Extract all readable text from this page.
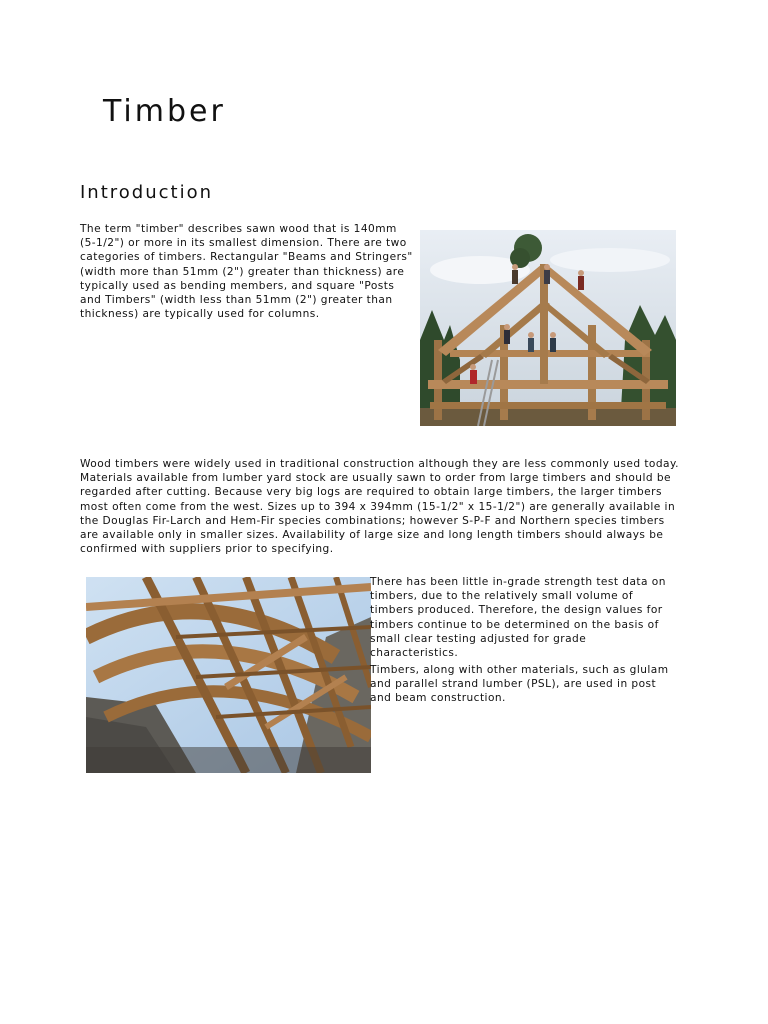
Timber
Introduction

The term "timber" describes sawn wood that is 140mm (5-1/2") or more in its smallest dimension. There are two categories of timbers. Rectangular "Beams and Stringers" (width more than 51mm (2") greater than thickness) are typically used as bending members, and square "Posts and Timbers" (width less than 51mm (2") greater than thickness) are typically used for columns.

Wood timbers were widely used in traditional construction although they are less commonly used today. Materials available from lumber yard stock are usually sawn to order from large timbers and should be regarded after cutting. Because very big logs are required to obtain large timbers, the larger timbers most often come from the west. Sizes up to 394 x 394mm (15-1/2" x 15-1/2") are generally available in the Douglas Fir-Larch and Hem-Fir species combinations; however S-P-F and Northern species timbers are available only in smaller sizes. Availability of large size and long length timbers should always be confirmed with suppliers prior to specifying.

There has been little in-grade strength test data on timbers, due to the relatively small volume of timbers produced. Therefore, the design values for timbers continue to be determined on the basis of small clear testing adjusted for grade characteristics.

Timbers, along with other materials, such as glulam and parallel strand lumber (PSL), are used in post and beam construction.
